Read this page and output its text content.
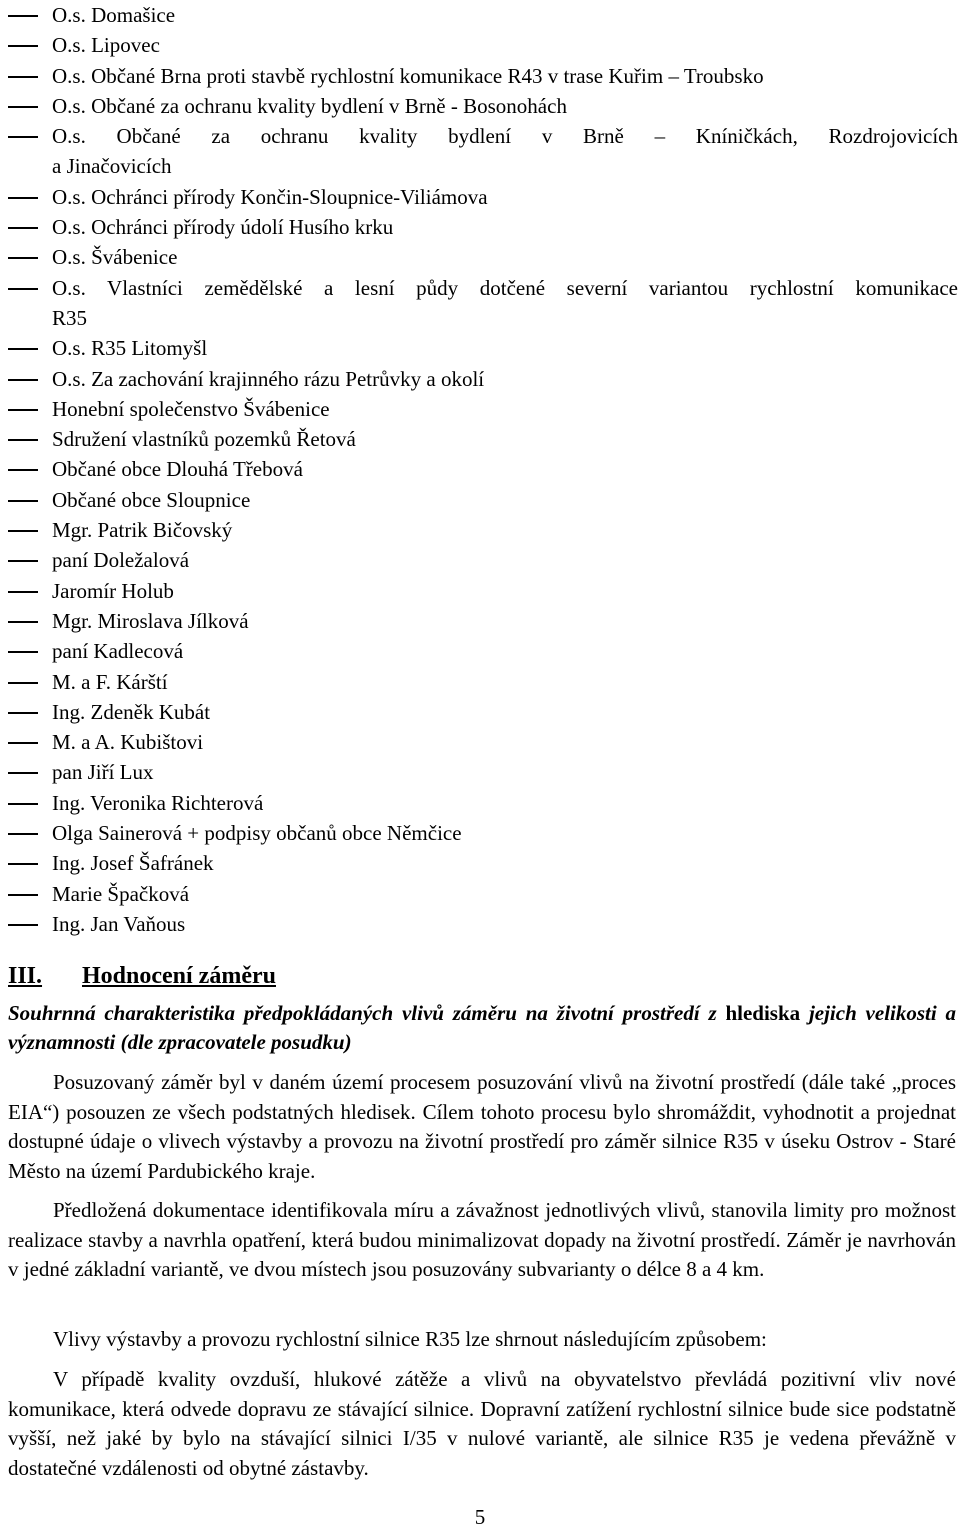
O.s. Domašice
O.s. Lipovec
O.s. Občané Brna proti stavbě rychlostní komunikace R43 v trase Kuřim – Troubsko
O.s. Občané za ochranu kvality bydlení v Brně - Bosonohách
O.s. Občané za ochranu kvality bydlení v Brně – Kníničkách, Rozdrojovicích
a Jinačovicích
O.s. Ochránci přírody Končin-Sloupnice-Viliámova
O.s. Ochránci přírody údolí Husího krku
O.s. Švábenice
O.s. Vlastníci zemědělské a lesní půdy dotčené severní variantou rychlostní komunikace
R35
O.s. R35 Litomyšl
O.s. Za zachování krajinného rázu Petrůvky a okolí
Honební společenstvo Švábenice
Sdružení vlastníků pozemků Řetová
Občané obce Dlouhá Třebová
Občané obce Sloupnice
Mgr. Patrik Bičovský
paní Doležalová
Jaromír Holub
Mgr. Miroslava Jílková
paní Kadlecová
M. a F. Kárští
Ing. Zdeněk Kubát
M. a A. Kubištovi
pan Jiří Lux
Ing. Veronika Richterová
Olga Sainerová + podpisy občanů obce Němčice
Ing. Josef Šafránek
Marie Špačková
Ing. Jan Vaňous
III. Hodnocení záměru

Souhrnná charakteristika předpokládaných vlivů záměru na životní prostředí z hlediska jejich velikosti a významnosti (dle zpracovatele posudku)

Posuzovaný záměr byl v daném území procesem posuzování vlivů na životní prostředí (dále také „proces EIA“) posouzen ze všech podstatných hledisek. Cílem tohoto procesu bylo shromáždit, vyhodnotit a projednat dostupné údaje o vlivech výstavby a provozu na životní prostředí pro záměr silnice R35 v úseku Ostrov - Staré Město na území Pardubického kraje.

Předložená dokumentace identifikovala míru a závažnost jednotlivých vlivů, stanovila limity pro možnost realizace stavby a navrhla opatření, která budou minimalizovat dopady na životní prostředí. Záměr je navrhován v jedné základní variantě, ve dvou místech jsou posuzovány subvarianty o délce 8 a 4 km.

Vlivy výstavby a provozu rychlostní silnice R35 lze shrnout následujícím způsobem:

V případě kvality ovzduší, hlukové zátěže a vlivů na obyvatelstvo převládá pozitivní vliv nové komunikace, která odvede dopravu ze stávající silnice. Dopravní zatížení rychlostní silnice bude sice podstatně vyšší, než jaké by bylo na stávající silnici I/35 v nulové variantě, ale silnice R35 je vedena převážně v dostatečné vzdálenosti od obytné zástavby.

5
